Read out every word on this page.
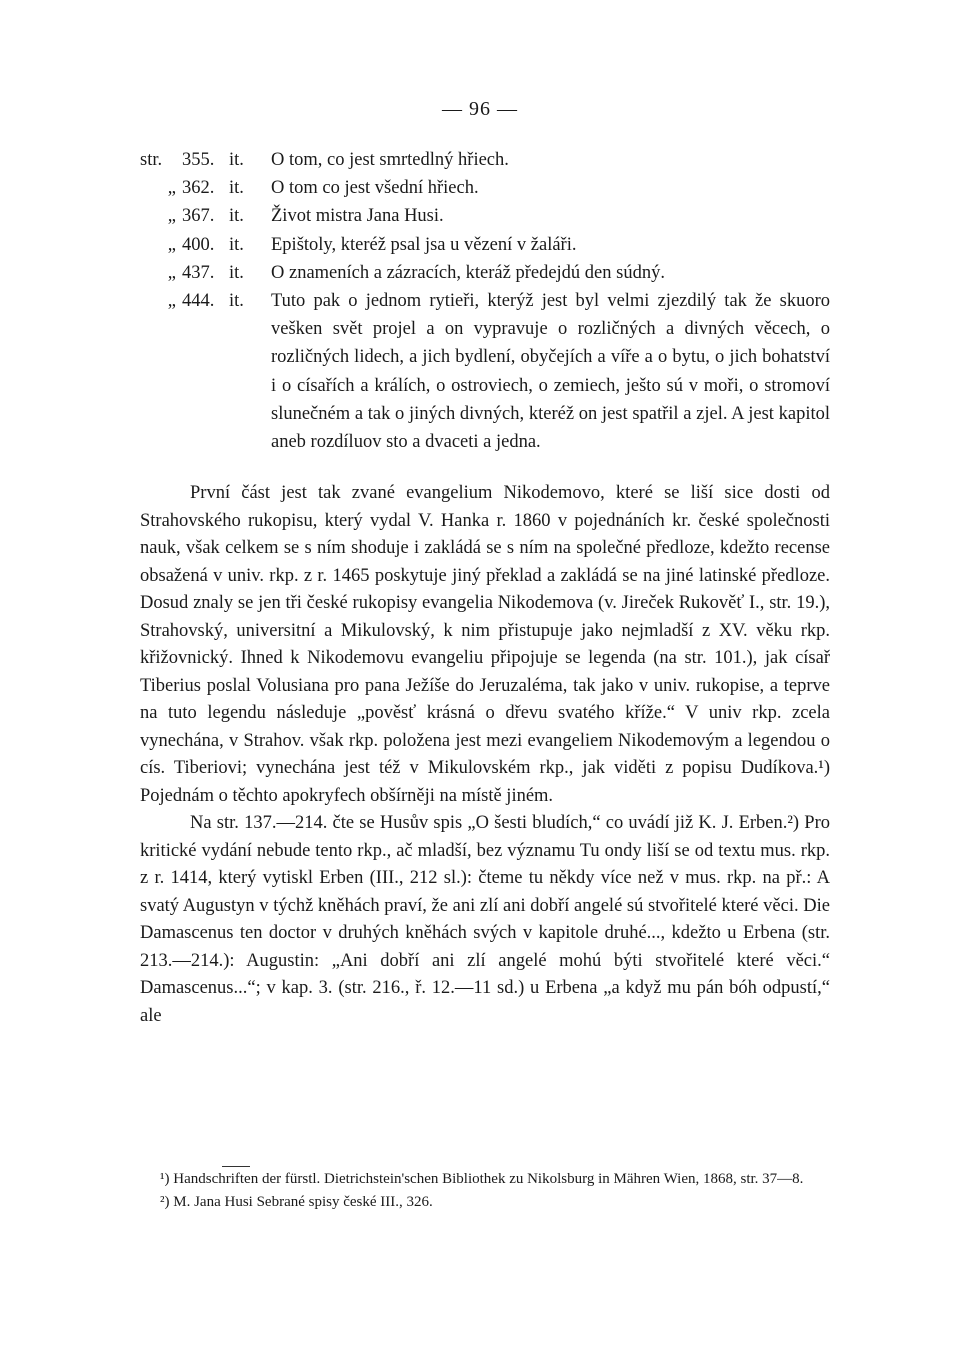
— 96 —
str.	355. it.	O tom, co jest smrtedlný hřiech.
„ 362. it.	O tom co jest všední hřiech.
„ 367. it.	Život mistra Jana Husi.
„ 400. it.	Epištoly, kteréž psal jsa u vězení v žaláři.
„ 437. it.	O znameních a zázracích, kteráž předejdú den súdný.
„ 444. it.	Tuto pak o jednom rytieři, kterýž jest byl velmi zjezdilý tak že skuoro vešken svět projel a on vypravuje o rozličných a divných věcech, o rozličných lidech, a jich bydlení, obyčejích a víře a o bytu, o jich bohatství i o císařích a králích, o ostroviech, o zemiech, ješto sú v moři, o stromoví slunečném a tak o jiných divných, kteréž on jest spatřil a zjel. A jest kapitol aneb rozdíluov sto a dvaceti a jedna.

První část jest tak zvané evangelium Nikodemovo, které se liší sice dosti od Strahovského rukopisu, který vydal V. Hanka r. 1860 v pojednáních kr. české společnosti nauk, však celkem se s ním shoduje i zakládá se s ním na společné předloze, kdežto recense obsažená v univ. rkp. z r. 1465 poskytuje jiný překlad a zakládá se na jiné latinské předloze. Dosud znaly se jen tři české rukopisy evangelia Nikodemova (v. Jireček Rukověť I., str. 19.), Strahovský, universitní a Mikulovský, k nim přistupuje jako nejmladší z XV. věku rkp. křižovnický. Ihned k Nikodemovu evangeliu připojuje se legenda (na str. 101.), jak císař Tiberius poslal Volusiana pro pana Ježíše do Jeruzaléma, tak jako v univ. rukopise, a teprve na tuto legendu následuje „pověsť krásná o dřevu svatého kříže.“ V univ rkp. zcela vynechána, v Strahov. však rkp. položena jest mezi evangeliem Nikodemovým a legendou o cís. Tiberiovi; vynechána jest též v Mikulovském rkp., jak viděti z popisu Dudíkova.¹) Pojednám o těchto apokryfech obšírněji na místě jiném.

Na str. 137.—214. čte se Husův spis „O šesti bludích,“ co uvádí již K. J. Erben.²) Pro kritické vydání nebude tento rkp., ač mladší, bez významu Tu ondy liší se od textu mus. rkp. z r. 1414, který vytiskl Erben (III., 212 sl.): čteme tu někdy více než v mus. rkp. na př.: A svatý Augustyn v týchž kněhách praví, že ani zlí ani dobří angelé sú stvořitelé které věci. Die Damascenus ten doctor v druhých kněhách svých v kapitole druhé..., kdežto u Erbena (str. 213.—214.): Augustin: „Ani dobří ani zlí angelé mohú býti stvořitelé které věci.“ Damascenus...“; v kap. 3. (str. 216., ř. 12.—11 sd.) u Erbena „a když mu pán bóh odpustí,“ ale

¹) Handschriften der fürstl. Dietrichstein'schen Bibliothek zu Nikolsburg in Mähren Wien, 1868, str. 37—8.

²) M. Jana Husi Sebrané spisy české III., 326.
